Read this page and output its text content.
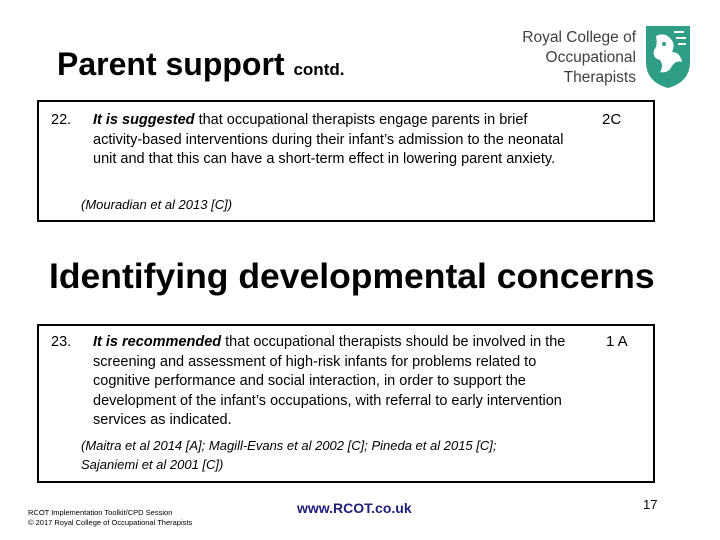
Parent support contd.
Royal College of
Occupational
Therapists
22. It is suggested that occupational therapists engage parents in brief activity-based interventions during their infant’s admission to the neonatal unit and that this can have a short-term effect in lowering parent anxiety.
2C
(Mouradian et al 2013 [C])
Identifying developmental concerns
23. It is recommended that occupational therapists should be involved in the screening and assessment of high-risk infants for problems related to cognitive performance and social interaction, in order to support the development of the infant’s occupations, with referral to early intervention services as indicated.
1 A
(Maitra et al 2014 [A]; Magill-Evans et al 2002 [C]; Pineda et al 2015 [C]; Sajaniemi et al 2001 [C])
RCOT Implementation Toolkit/CPD Session
© 2017 Royal College of Occupational Therapists
www.RCOT.co.uk	17
